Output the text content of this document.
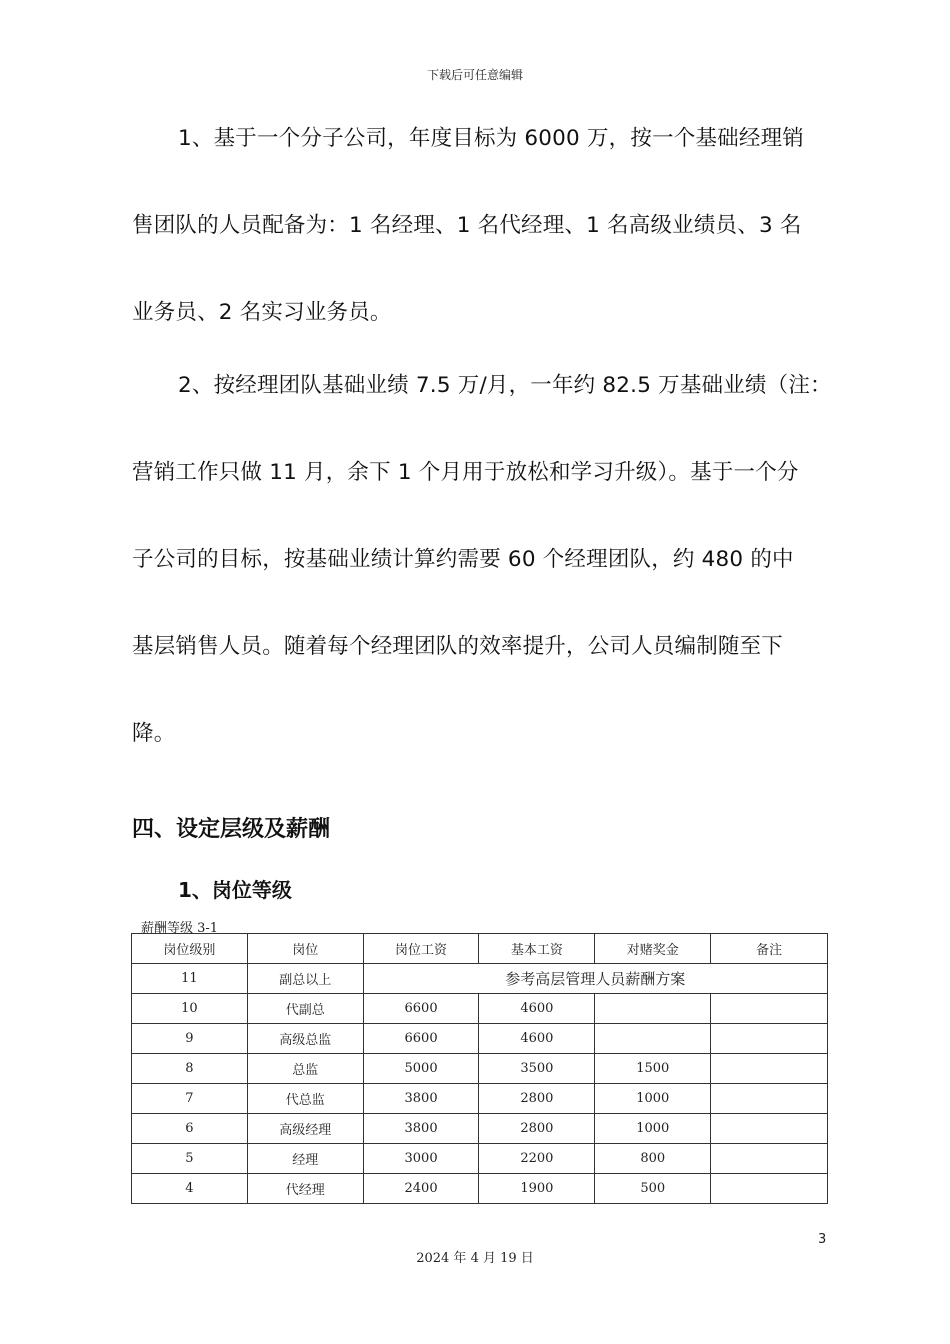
下载后可任意编辑

1、基于一个分子公司，年度目标为 6000 万，按一个基础经理销
售团队的人员配备为：1 名经理、1 名代经理、1 名高级业绩员、3 名
业务员、2 名实习业务员。

2、按经理团队基础业绩 7.5 万/月，一年约 82.5 万基础业绩（注：
营销工作只做 11 月，余下 1 个月用于放松和学习升级）。基于一个分
子公司的目标，按基础业绩计算约需要 60 个经理团队，约 480 的中
基层销售人员。随着每个经理团队的效率提升，公司人员编制随至下
降。

四、设定层级及薪酬
1、岗位等级
薪酬等级 3-1
岗位级别	岗位	岗位工资	基本工资	对赌奖金	备注
11	副总以上	参考高层管理人员薪酬方案			
10	代副总	6600	4600		
9	高级总监	6600	4600		
8	总监	5000	3500	1500	
7	代总监	3800	2800	1000	
6	高级经理	3800	2800	1000	
5	经理	3000	2200	800	
4	代经理	2400	1900	500	
3
2024 年 4 月 19 日
